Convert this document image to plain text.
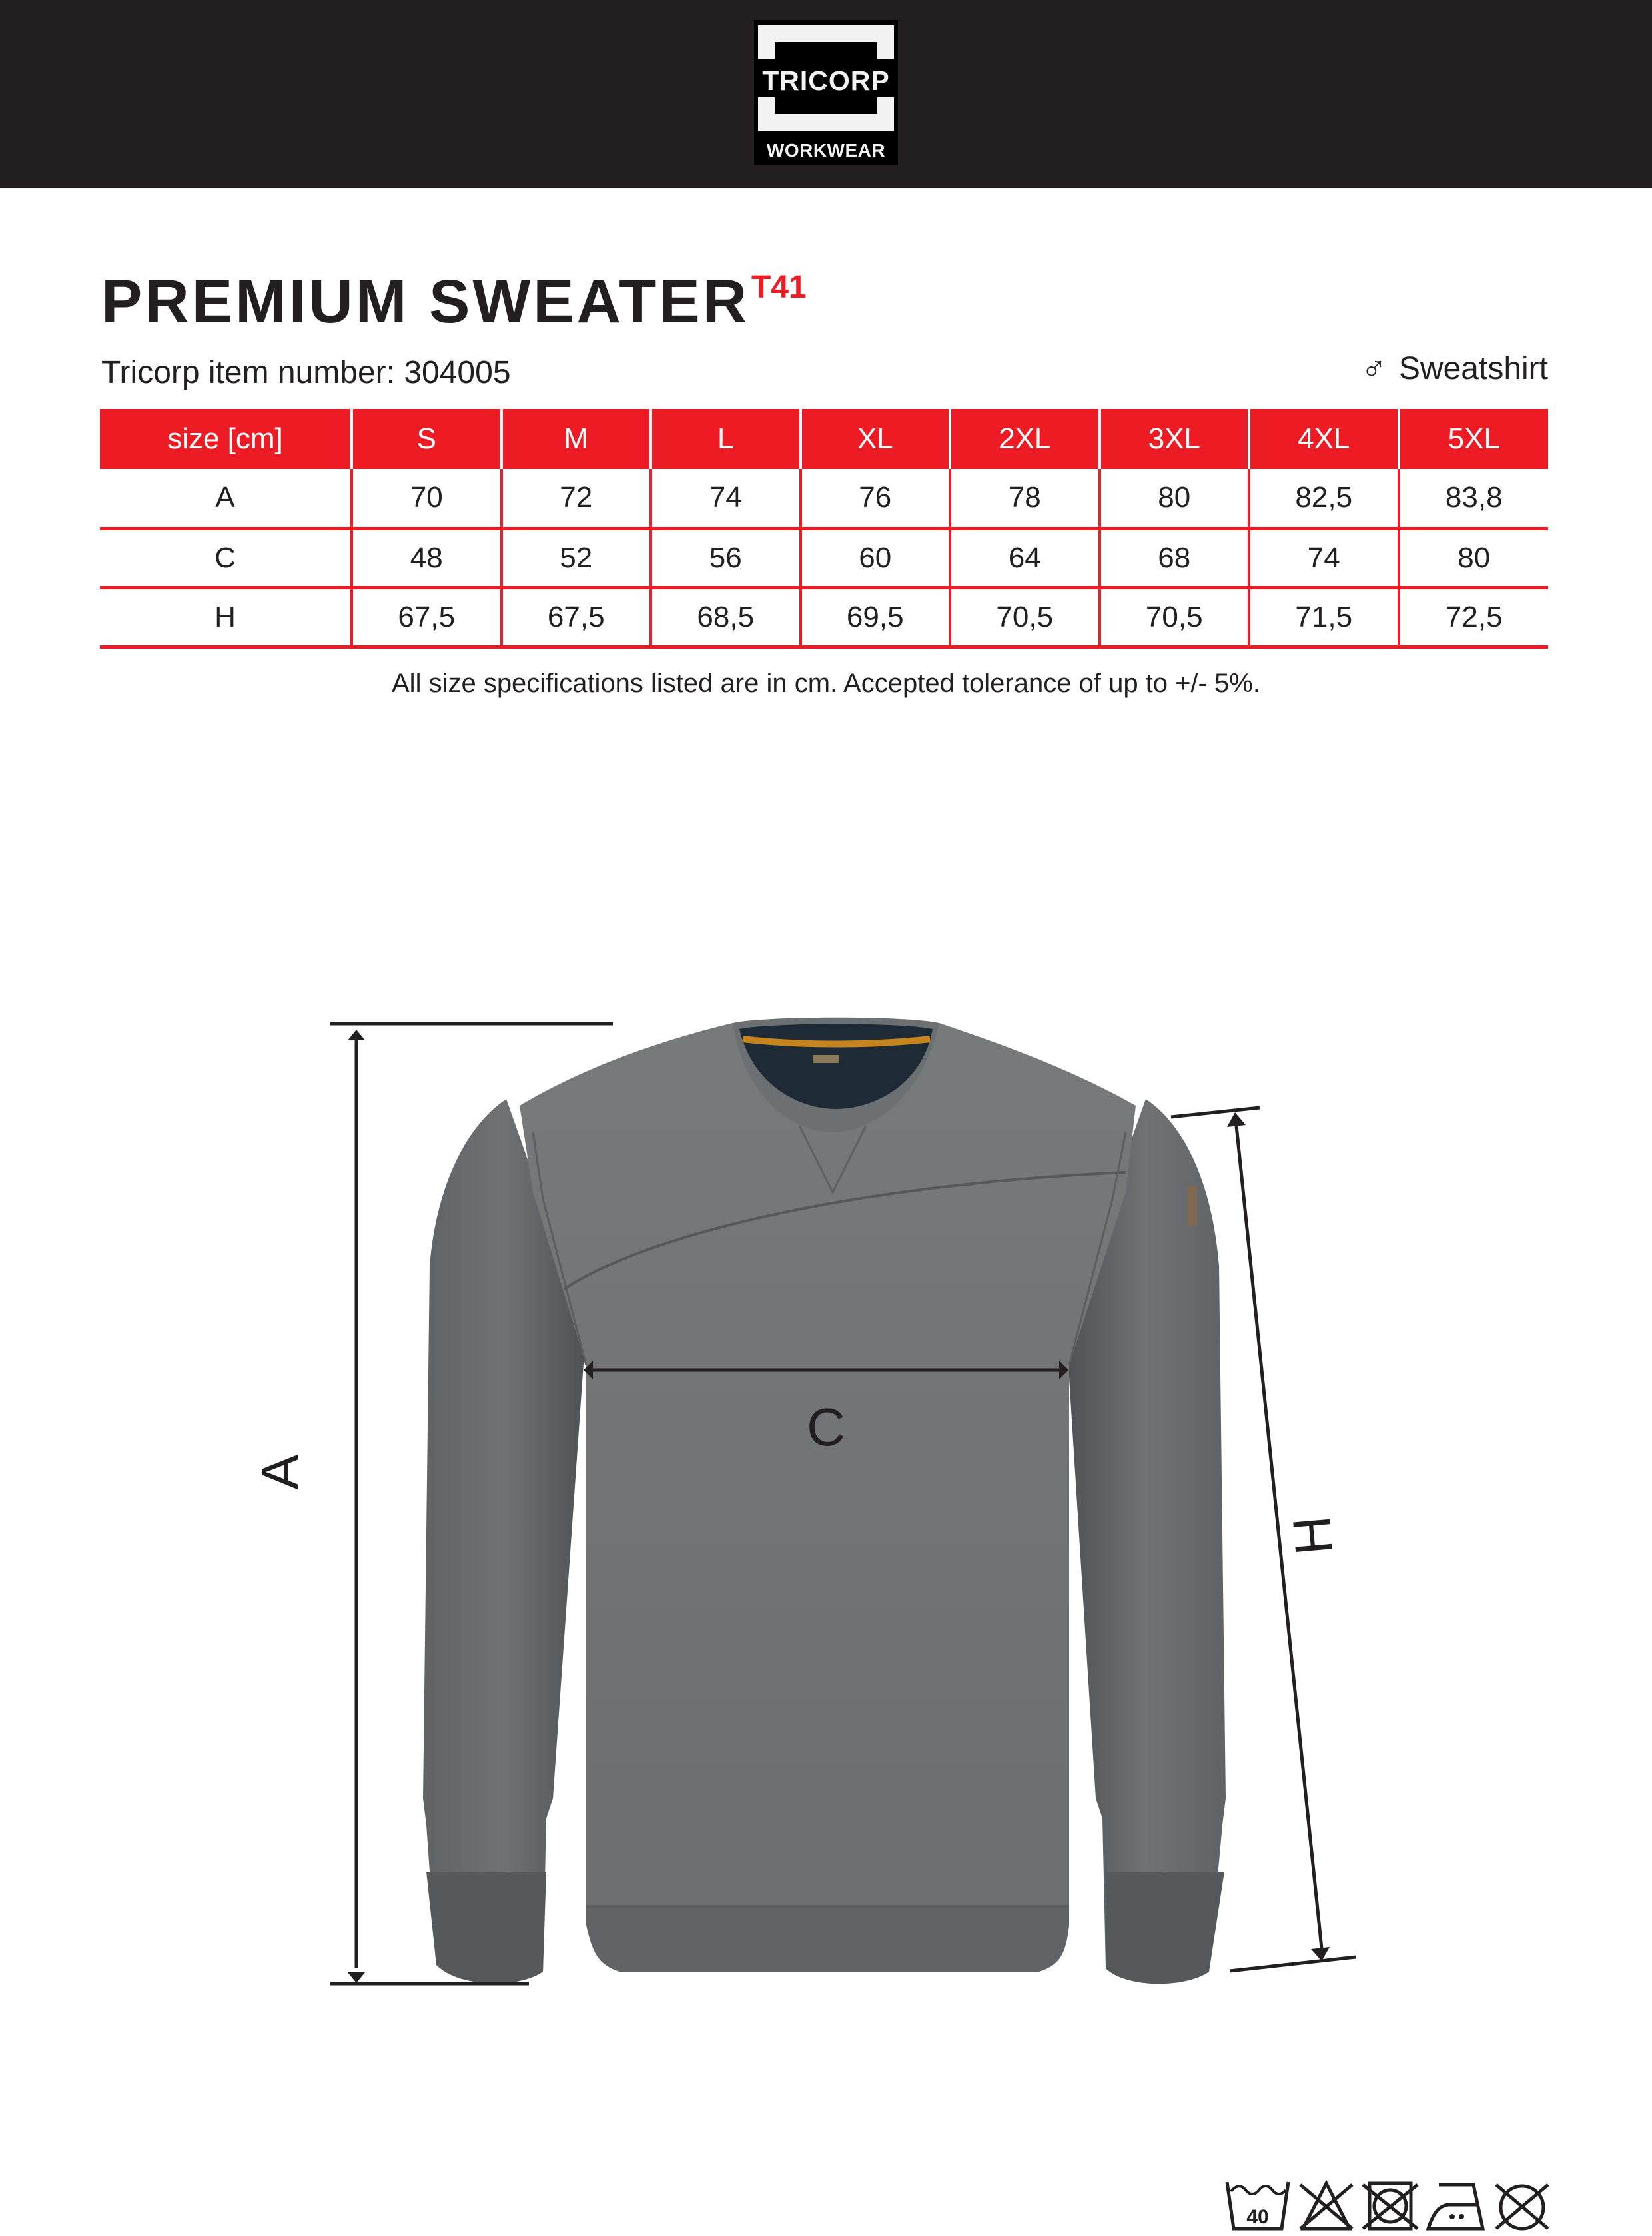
TRICORP
WORKWEAR
PREMIUM SWEATER T41
Tricorp item number: 304005	♂ Sweatshirt
size [cm]	S	M	L	XL	2XL	3XL	4XL	5XL
A	70	72	74	76	78	80	82,5	83,8
C	48	52	56	60	64	68	74	80
H	67,5	67,5	68,5	69,5	70,5	70,5	71,5	72,5
All size specifications listed are in cm. Accepted tolerance of up to +/- 5%.
A
C
H
40
